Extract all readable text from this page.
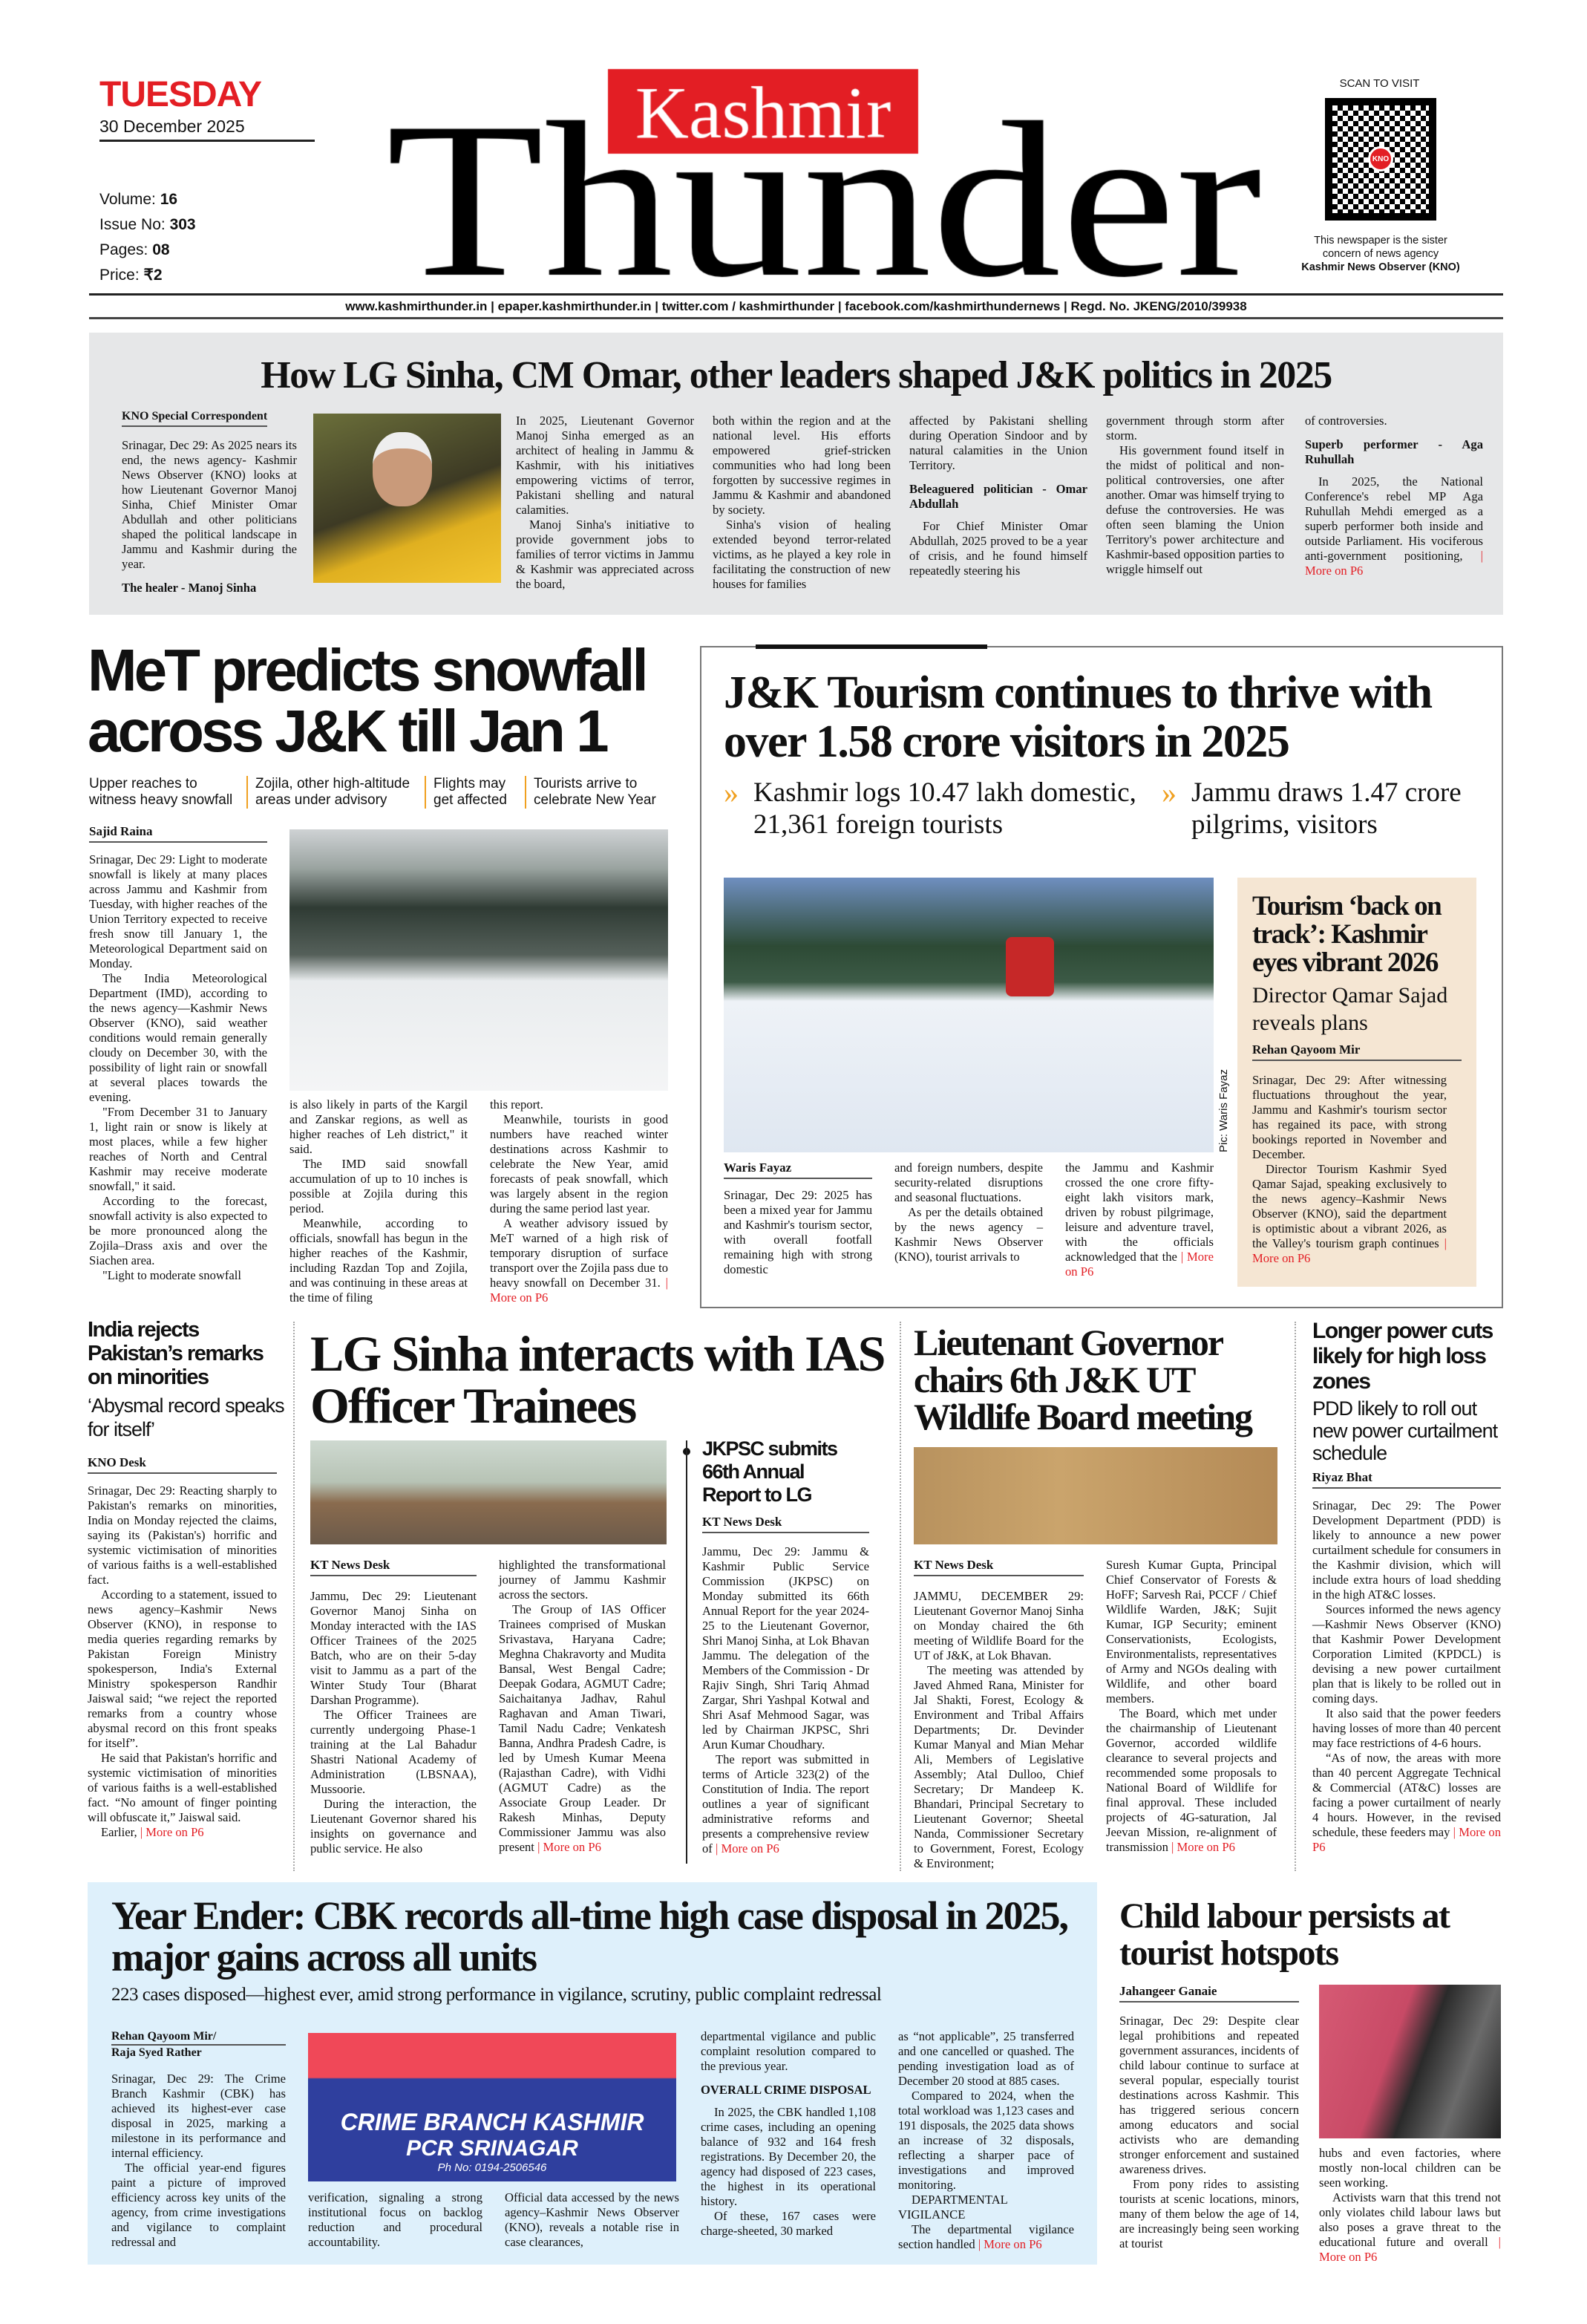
TUESDAY
30 December 2025
Volume: 16
Issue No: 303
Pages: 08
Price: ₹2
SCAN TO VISIT
KNO
This newspaper is the sister
concern of news agency
Kashmir News Observer (KNO)
www.kashmirthunder.in | epaper.kashmirthunder.in | twitter.com / kashmirthunder | facebook.com/kashmirthundernews | Regd. No. JKENG/2010/39938
How LG Sinha, CM Omar, other leaders shaped J&K politics in 2025
KNO Special Correspondent

Srinagar, Dec 29: As 2025 nears its end, the news agency- Kashmir News Observer (KNO) looks at how Lieutenant Governor Manoj Sinha, Chief Minister Omar Abdullah and other politicians shaped the political landscape in Jammu and Kashmir during the year.

The healer - Manoj Sinha

In 2025, Lieutenant Governor Manoj Sinha emerged as an architect of healing in Jammu & Kashmir, with his initiatives empowering victims of terror, Pakistani shelling and natural calamities.

Manoj Sinha's initiative to provide government jobs to families of terror victims in Jammu & Kashmir was appreciated across the board,

both within the region and at the national level. His efforts empowered grief-stricken communities who had long been forgotten by successive regimes in Jammu & Kashmir and abandoned by society.

Sinha's vision of healing extended beyond terror-related victims, as he played a key role in facilitating the construction of new houses for families

affected by Pakistani shelling during Operation Sindoor and by natural calamities in the Union Territory.

Beleaguered politician - Omar Abdullah

For Chief Minister Omar Abdullah, 2025 proved to be a year of crisis, and he found himself repeatedly steering his

government through storm after storm.

His government found itself in the midst of political and non-political controversies, one after another. Omar was himself trying to defuse the controversies. He was often seen blaming the Union Territory's power architecture and Kashmir-based opposition parties to wriggle himself out

of controversies.

Superb performer - Aga Ruhullah

In 2025, the National Conference's rebel MP Aga Ruhullah Mehdi emerged as a superb performer both inside and outside Parliament. His vociferous anti-government positioning, | More on P6

MeT predicts snowfall across J&K till Jan 1
Upper reaches to witness heavy snowfall
Zojila, other high-altitude areas under advisory
Flights may get affected
Tourists arrive to celebrate New Year
Sajid Raina

Srinagar, Dec 29: Light to moderate snowfall is likely at many places across Jammu and Kashmir from Tuesday, with higher reaches of the Union Territory expected to receive fresh snow till January 1, the Meteorological Department said on Monday.

The India Meteorological Department (IMD), according to the news agency—Kashmir News Observer (KNO), said weather conditions would remain generally cloudy on December 30, with the possibility of light rain or snowfall at several places towards the evening.

"From December 31 to January 1, light rain or snow is likely at most places, while a few higher reaches of North and Central Kashmir may receive moderate snowfall," it said.

According to the forecast, snowfall activity is also expected to be more pronounced along the Zojila–Drass axis and over the Siachen area.

"Light to moderate snowfall

is also likely in parts of the Kargil and Zanskar regions, as well as higher reaches of Leh district," it said.

The IMD said snowfall accumulation of up to 10 inches is possible at Zojila during this period.

Meanwhile, according to officials, snowfall has begun in the higher reaches of the Kashmir, including Razdan Top and Zojila, and was continuing in these areas at the time of filing

this report.

Meanwhile, tourists in good numbers have reached winter destinations across Kashmir to celebrate the New Year, amid forecasts of peak snowfall, which was largely absent in the region during the same period last year.

A weather advisory issued by MeT warned of a high risk of temporary disruption of surface transport over the Zojila pass due to heavy snowfall on December 31. | More on P6

J&K Tourism continues to thrive with over 1.58 crore visitors in 2025
» Kashmir logs 10.47 lakh domestic, 21,361 foreign tourists
» Jammu draws 1.47 crore pilgrims, visitors
Pic: Waris Fayaz
Waris Fayaz

Srinagar, Dec 29: 2025 has been a mixed year for Jammu and Kashmir's tourism sector, with overall footfall remaining high with strong domestic

and foreign numbers, despite security-related disruptions and seasonal fluctuations.

As per the details obtained by the news agency – Kashmir News Observer (KNO), tourist arrivals to

the Jammu and Kashmir crossed the one crore fifty-eight lakh visitors mark, driven by robust pilgrimage, leisure and adventure travel, with the officials acknowledged that the | More on P6

Tourism ‘back on track’: Kashmir eyes vibrant 2026
Director Qamar Sajad reveals plans
Rehan Qayoom Mir

Srinagar, Dec 29: After witnessing fluctuations throughout the year, Jammu and Kashmir's tourism sector has regained its pace, with strong bookings reported in November and December.

Director Tourism Kashmir Syed Qamar Sajad, speaking exclusively to the news agency–Kashmir News Observer (KNO), said the department is optimistic about a vibrant 2026, as the Valley's tourism graph continues | More on P6

India rejects Pakistan’s remarks on minorities
‘Abysmal record speaks for itself’
KNO Desk

Srinagar, Dec 29: Reacting sharply to Pakistan's remarks on minorities, India on Monday rejected the claims, saying its (Pakistan's) horrific and systemic victimisation of minorities of various faiths is a well-established fact.

According to a statement, issued to news agency–Kashmir News Observer (KNO), in response to media queries regarding remarks by Pakistan Foreign Ministry spokesperson, India's External Ministry spokesperson Randhir Jaiswal said; “we reject the reported remarks from a country whose abysmal record on this front speaks for itself”.

He said that Pakistan's horrific and systemic victimisation of minorities of various faiths is a well-established fact. “No amount of finger pointing will obfuscate it,” Jaiswal said.

Earlier, | More on P6

LG Sinha interacts with IAS Officer Trainees
KT News Desk

Jammu, Dec 29: Lieutenant Governor Manoj Sinha on Monday interacted with the IAS Officer Trainees of the 2025 Batch, who are on their 5-day visit to Jammu as a part of the Winter Study Tour (Bharat Darshan Programme).

The Officer Trainees are currently undergoing Phase-1 training at the Lal Bahadur Shastri National Academy of Administration (LBSNAA), Mussoorie.

During the interaction, the Lieutenant Governor shared his insights on governance and public service. He also

highlighted the transformational journey of Jammu Kashmir across the sectors.

The Group of IAS Officer Trainees comprised of Muskan Srivastava, Haryana Cadre; Meghna Chakravorty and Mudita Bansal, West Bengal Cadre; Deepak Godara, AGMUT Cadre; Saichaitanya Jadhav, Rahul Raghavan and Aman Tiwari, Tamil Nadu Cadre; Venkatesh Banna, Andhra Pradesh Cadre, is led by Umesh Kumar Meena (Rajasthan Cadre), with Vidhi (AGMUT Cadre) as the Associate Group Leader. Dr Rakesh Minhas, Deputy Commissioner Jammu was also present | More on P6

JKPSC submits 66th Annual Report to LG
KT News Desk

Jammu, Dec 29: Jammu & Kashmir Public Service Commission (JKPSC) on Monday submitted its 66th Annual Report for the year 2024-25 to the Lieutenant Governor, Shri Manoj Sinha, at Lok Bhavan Jammu. The delegation of the Members of the Commission - Dr Rajiv Singh, Shri Tariq Ahmad Zargar, Shri Yashpal Kotwal and Shri Asaf Mehmood Sagar, was led by Chairman JKPSC, Shri Arun Kumar Choudhary.

The report was submitted in terms of Article 323(2) of the Constitution of India. The report outlines a year of significant administrative reforms and presents a comprehensive review of | More on P6

Lieutenant Governor chairs 6th J&K UT Wildlife Board meeting
KT News Desk

JAMMU, DECEMBER 29: Lieutenant Governor Manoj Sinha on Monday chaired the 6th meeting of Wildlife Board for the UT of J&K, at Lok Bhavan.

The meeting was attended by Javed Ahmed Rana, Minister for Jal Shakti, Forest, Ecology & Environment and Tribal Affairs Departments; Dr. Devinder Kumar Manyal and Mian Mehar Ali, Members of Legislative Assembly; Atal Dulloo, Chief Secretary; Dr Mandeep K. Bhandari, Principal Secretary to Lieutenant Governor; Sheetal Nanda, Commissioner Secretary to Government, Forest, Ecology & Environment;

Suresh Kumar Gupta, Principal Chief Conservator of Forests & HoFF; Sarvesh Rai, PCCF / Chief Wildlife Warden, J&K; Sujit Kumar, IGP Security; eminent Conservationists, Ecologists, Environmentalists, representatives of Army and NGOs dealing with Wildlife, and other board members.

The Board, which met under the chairmanship of Lieutenant Governor, accorded wildlife clearance to several projects and recommended some proposals to National Board of Wildlife for final approval. These included projects of 4G-saturation, Jal Jeevan Mission, re-alignment of transmission | More on P6

Longer power cuts likely for high loss zones
PDD likely to roll out new power curtailment schedule
Riyaz Bhat

Srinagar, Dec 29: The Power Development Department (PDD) is likely to announce a new power curtailment schedule for consumers in the Kashmir division, which will include extra hours of load shedding in the high AT&C losses.

Sources informed the news agency—Kashmir News Observer (KNO) that Kashmir Power Development Corporation Limited (KPDCL) is devising a new power curtailment plan that is likely to be rolled out in coming days.

It also said that the power feeders having losses of more than 40 percent may face restrictions of 4-6 hours.

“As of now, the areas with more than 40 percent Aggregate Technical & Commercial (AT&C) losses are facing a power curtailment of nearly 4 hours. However, in the revised schedule, these feeders may | More on P6

Year Ender: CBK records all-time high case disposal in 2025, major gains across all units
223 cases disposed—highest ever, amid strong performance in vigilance, scrutiny, public complaint redressal
Rehan Qayoom Mir/
Raja Syed Rather

Srinagar, Dec 29: The Crime Branch Kashmir (CBK) has achieved its highest-ever case disposal in 2025, marking a milestone in its performance and internal efficiency.

The official year-end figures paint a picture of improved efficiency across key units of the agency, from crime investigations and vigilance to complaint redressal and

CRIME BRANCH KASHMIR
PCR SRINAGAR
Ph No: 0194-2506546

verification, signaling a strong institutional focus on backlog reduction and procedural accountability.

Official data accessed by the news agency–Kashmir News Observer (KNO), reveals a notable rise in case clearances,

departmental vigilance and public complaint resolution compared to the previous year.

OVERALL CRIME DISPOSAL

In 2025, the CBK handled 1,108 crime cases, including an opening balance of 932 and 164 fresh registrations. By December 20, the agency had disposed of 223 cases, the highest in its operational history.

Of these, 167 cases were charge-sheeted, 30 marked

as “not applicable”, 25 transferred and one cancelled or quashed. The pending investigation load as of December 20 stood at 885 cases.

Compared to 2024, when the total workload was 1,123 cases and 191 disposals, the 2025 data shows an increase of 32 disposals, reflecting a sharper pace of investigations and improved monitoring.

DEPARTMENTAL VIGILANCE

The departmental vigilance section handled | More on P6

Child labour persists at tourist hotspots
Jahangeer Ganaie

Srinagar, Dec 29: Despite clear legal prohibitions and repeated government assurances, incidents of child labour continue to surface at several popular, especially tourist destinations across Kashmir. This has triggered serious concern among educators and social activists who are demanding stronger enforcement and sustained awareness drives.

From pony rides to assisting tourists at scenic locations, minors, many of them below the age of 14, are increasingly being seen working at tourist

hubs and even factories, where mostly non-local children can be seen working.

Activists warn that this trend not only violates child labour laws but also poses a grave threat to the educational future and overall | More on P6
